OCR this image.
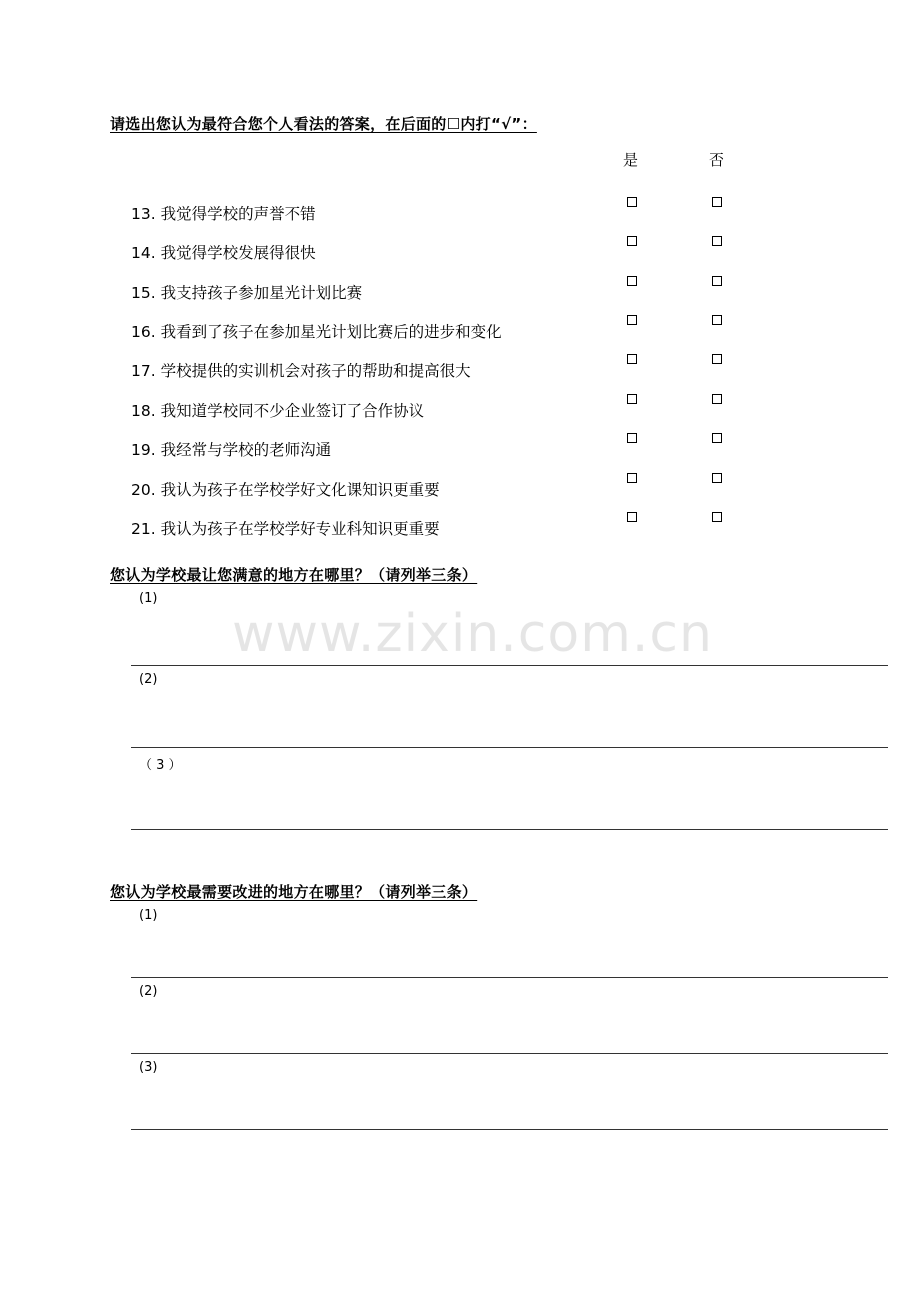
请选出您认为最符合您个人看法的答案，在后面的☐内打“√”：
是	否
13. 我觉得学校的声誉不错
14. 我觉得学校发展得很快
15. 我支持孩子参加星光计划比赛
16. 我看到了孩子在参加星光计划比赛后的进步和变化
17. 学校提供的实训机会对孩子的帮助和提高很大
18. 我知道学校同不少企业签订了合作协议
19. 我经常与学校的老师沟通
20. 我认为孩子在学校学好文化课知识更重要
21. 我认为孩子在学校学好专业科知识更重要
您认为学校最让您满意的地方在哪里？（请列举三条）
(1)
(2)
（ 3 ）
您认为学校最需要改进的地方在哪里？（请列举三条）
(1)
(2)
(3)
www.zixin.com.cn
